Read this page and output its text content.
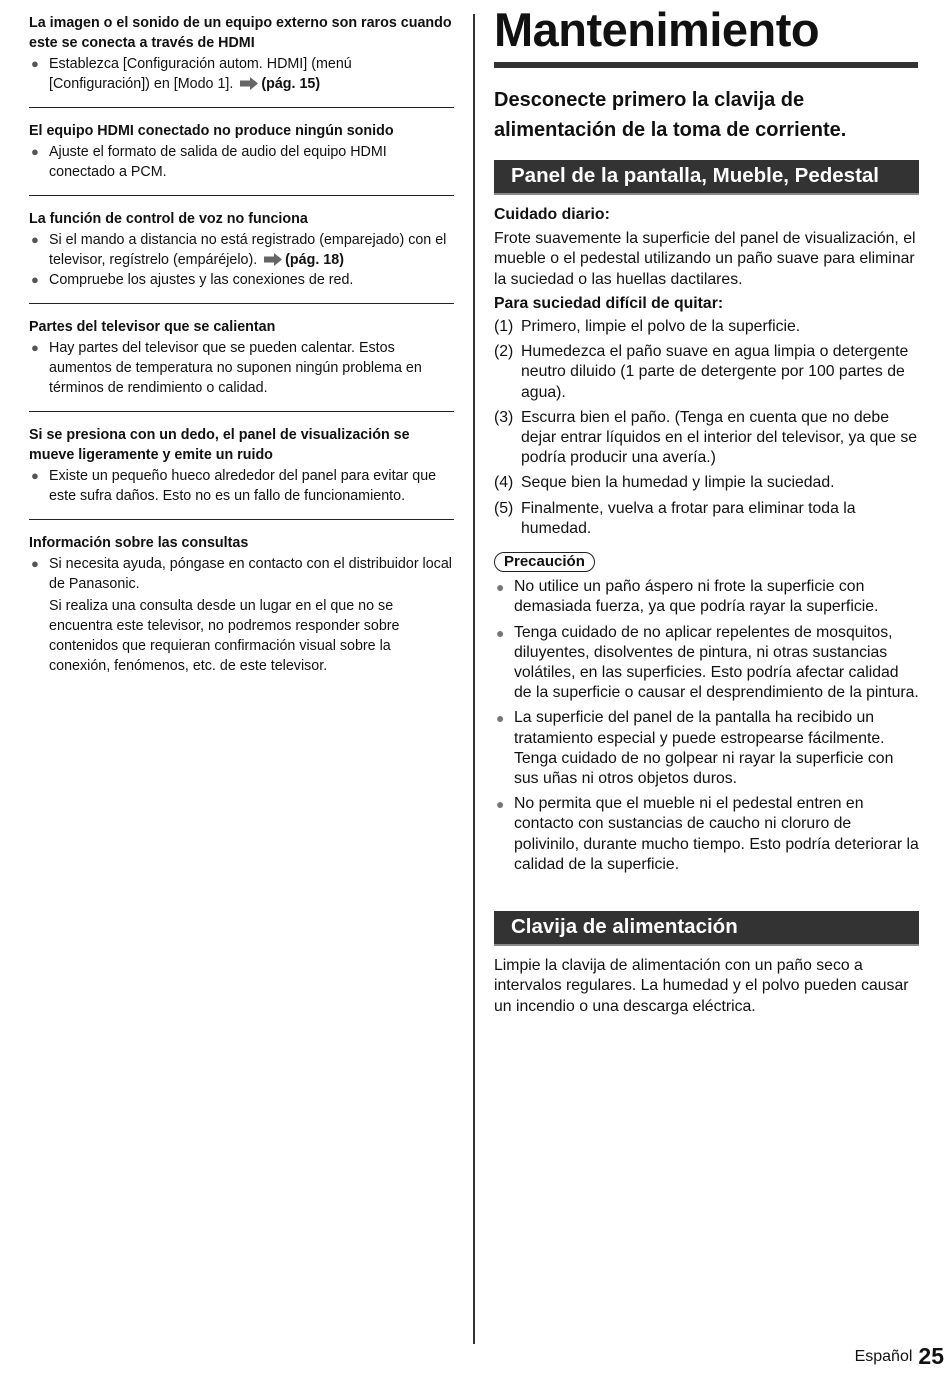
La imagen o el sonido de un equipo externo son raros cuando este se conecta a través de HDMI
● Establezca [Configuración autom. HDMI] (menú [Configuración]) en [Modo 1]. (pág. 15)
El equipo HDMI conectado no produce ningún sonido
● Ajuste el formato de salida de audio del equipo HDMI conectado a PCM.
La función de control de voz no funciona
● Si el mando a distancia no está registrado (emparejado) con el televisor, regístrelo (empáréjelo). (pág. 18)
● Compruebe los ajustes y las conexiones de red.
Partes del televisor que se calientan
● Hay partes del televisor que se pueden calentar. Estos aumentos de temperatura no suponen ningún problema en términos de rendimiento o calidad.
Si se presiona con un dedo, el panel de visualización se mueve ligeramente y emite un ruido
● Existe un pequeño hueco alrededor del panel para evitar que este sufra daños. Esto no es un fallo de funcionamiento.
Información sobre las consultas
● Si necesita ayuda, póngase en contacto con el distribuidor local de Panasonic.
Si realiza una consulta desde un lugar en el que no se encuentra este televisor, no podremos responder sobre contenidos que requieran confirmación visual sobre la conexión, fenómenos, etc. de este televisor.
Mantenimiento
Desconecte primero la clavija de alimentación de la toma de corriente.
Panel de la pantalla, Mueble, Pedestal
Cuidado diario:
Frote suavemente la superficie del panel de visualización, el mueble o el pedestal utilizando un paño suave para eliminar la suciedad o las huellas dactilares.
Para suciedad difícil de quitar:
(1) Primero, limpie el polvo de la superficie.
(2) Humedezca el paño suave en agua limpia o detergente neutro diluido (1 parte de detergente por 100 partes de agua).
(3) Escurra bien el paño. (Tenga en cuenta que no debe dejar entrar líquidos en el interior del televisor, ya que se podría producir una avería.)
(4) Seque bien la humedad y limpie la suciedad.
(5) Finalmente, vuelva a frotar para eliminar toda la humedad.
Precaución
● No utilice un paño áspero ni frote la superficie con demasiada fuerza, ya que podría rayar la superficie.
● Tenga cuidado de no aplicar repelentes de mosquitos, diluyentes, disolventes de pintura, ni otras sustancias volátiles, en las superficies. Esto podría afectar calidad de la superficie o causar el desprendimiento de la pintura.
● La superficie del panel de la pantalla ha recibido un tratamiento especial y puede estropearse fácilmente. Tenga cuidado de no golpear ni rayar la superficie con sus uñas ni otros objetos duros.
● No permita que el mueble ni el pedestal entren en contacto con sustancias de caucho ni cloruro de polivinilo, durante mucho tiempo. Esto podría deteriorar la calidad de la superficie.
Clavija de alimentación
Limpie la clavija de alimentación con un paño seco a intervalos regulares. La humedad y el polvo pueden causar un incendio o una descarga eléctrica.
Español 25
